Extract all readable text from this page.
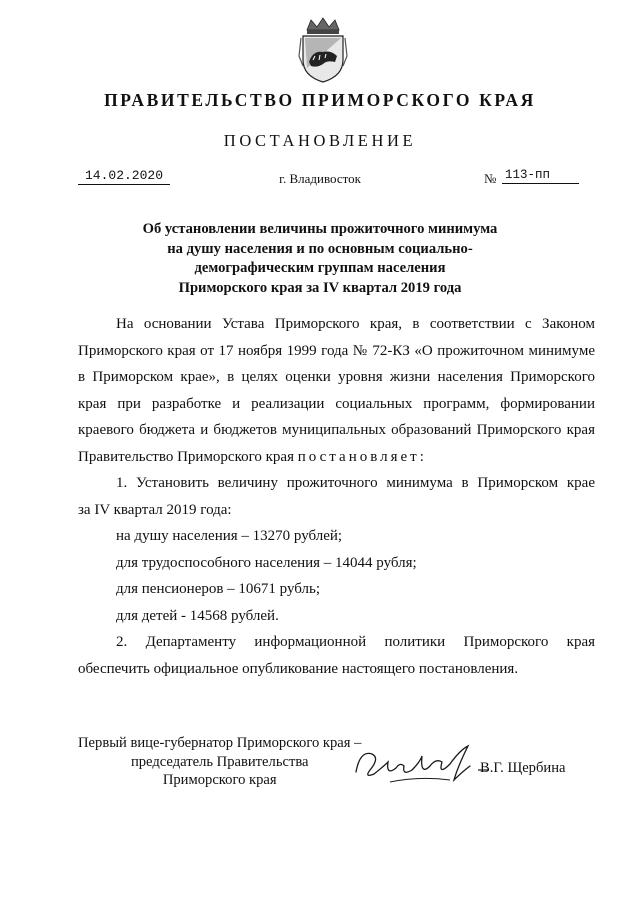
ПРАВИТЕЛЬСТВО ПРИМОРСКОГО КРАЯ
ПОСТАНОВЛЕНИЕ
14.02.2020	г. Владивосток	№ 113-пп
Об установлении величины прожиточного минимума
на душу населения и по основным социально-
демографическим группам населения
Приморского края за IV квартал 2019 года
На основании Устава Приморского края, в соответствии с Законом
Приморского края от 17 ноября 1999 года № 72-КЗ «О прожиточном минимуме
в Приморском крае», в целях оценки уровня жизни населения Приморского
края при разработке и реализации социальных программ, формировании
краевого бюджета и бюджетов муниципальных образований Приморского края
Правительство Приморского края постановляет:
1. Установить величину прожиточного минимума в Приморском крае
за IV квартал 2019 года:
на душу населения – 13270 рублей;
для трудоспособного населения – 14044 рубля;
для пенсионеров – 10671 рубль;
для детей - 14568 рублей.
2. Департаменту информационной политики Приморского края
обеспечить официальное опубликование настоящего постановления.
Первый вице-губернатор Приморского края –
председатель Правительства
Приморского края
В.Г. Щербина
